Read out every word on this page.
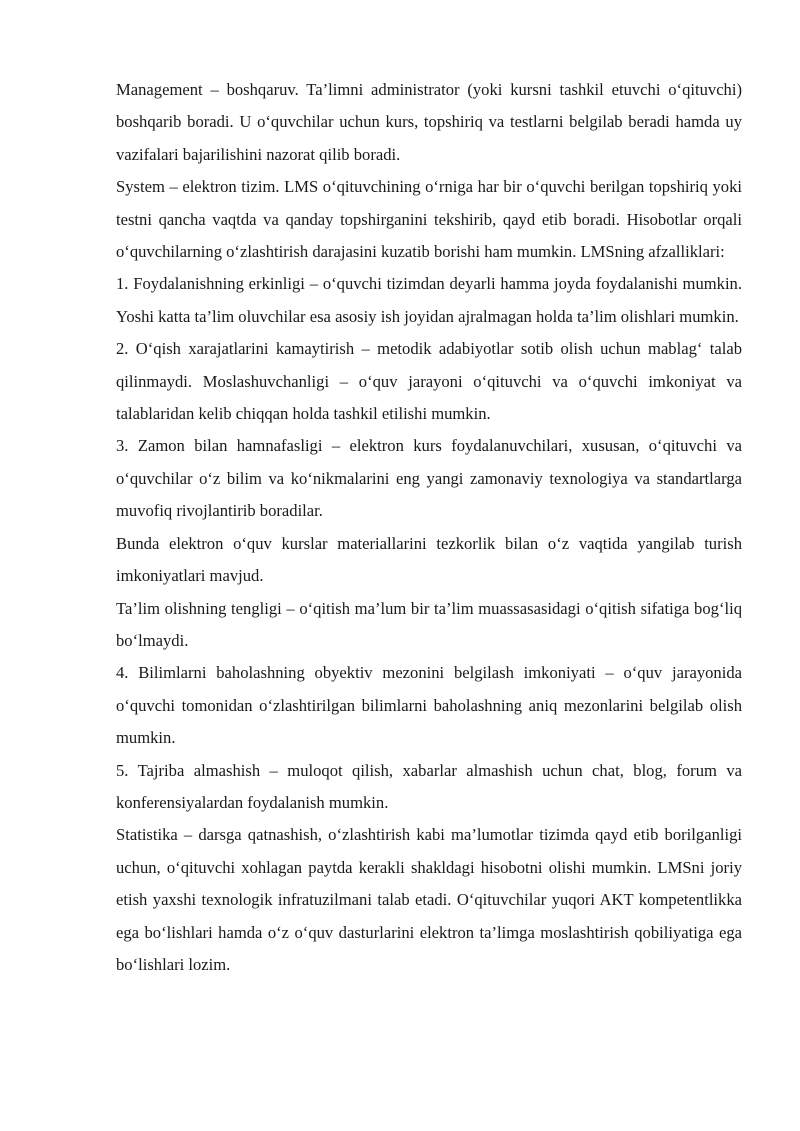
Management – boshqaruv. Ta’limni administrator (yoki kursni tashkil etuvchi o‘qituvchi) boshqarib boradi. U o‘quvchilar uchun kurs, topshiriq va testlarni belgilab beradi hamda uy vazifalari bajarilishini nazorat qilib boradi.

System – elektron tizim. LMS o‘qituvchining o‘rniga har bir o‘quvchi berilgan topshiriq yoki testni qancha vaqtda va qanday topshirganini tekshirib, qayd etib boradi. Hisobotlar orqali o‘quvchilarning o‘zlashtirish darajasini kuzatib borishi ham mumkin. LMSning afzalliklari:

1. Foydalanishning erkinligi – o‘quvchi tizimdan deyarli hamma joyda foydalanishi mumkin. Yoshi katta ta’lim oluvchilar esa asosiy ish joyidan ajralmagan holda ta’lim olishlari mumkin.

2. O‘qish xarajatlarini kamaytirish – metodik adabiyotlar sotib olish uchun mablag‘ talab qilinmaydi. Moslashuvchanligi – o‘quv jarayoni o‘qituvchi va o‘quvchi imkoniyat va talablaridan kelib chiqqan holda tashkil etilishi mumkin.

3. Zamon bilan hamnafasligi – elektron kurs foydalanuvchilari, xususan, o‘qituvchi va o‘quvchilar o‘z bilim va ko‘nikmalarini eng yangi zamonaviy texnologiya va standartlarga muvofiq rivojlantirib boradilar.

Bunda elektron o‘quv kurslar materiallarini tezkorlik bilan o‘z vaqtida yangilab turish imkoniyatlari mavjud.

Ta’lim olishning tengligi – o‘qitish ma’lum bir ta’lim muassasasidagi o‘qitish sifatiga bog‘liq bo‘lmaydi.

4. Bilimlarni baholashning obyektiv mezonini belgilash imkoniyati – o‘quv jarayonida o‘quvchi tomonidan o‘zlashtirilgan bilimlarni baholashning aniq mezonlarini belgilab olish mumkin.

5. Tajriba almashish – muloqot qilish, xabarlar almashish uchun chat, blog, forum va konferensiyalardan foydalanish mumkin.

Statistika – darsga qatnashish, o‘zlashtirish kabi ma’lumotlar tizimda qayd etib borilganligi uchun, o‘qituvchi xohlagan paytda kerakli shakldagi hisobotni olishi mumkin. LMSni joriy etish yaxshi texnologik infratuzilmani talab etadi. O‘qituvchilar yuqori AKT kompetentlikka ega bo‘lishlari hamda o‘z o‘quv dasturlarini elektron ta’limga moslashtirish qobiliyatiga ega bo‘lishlari lozim.
